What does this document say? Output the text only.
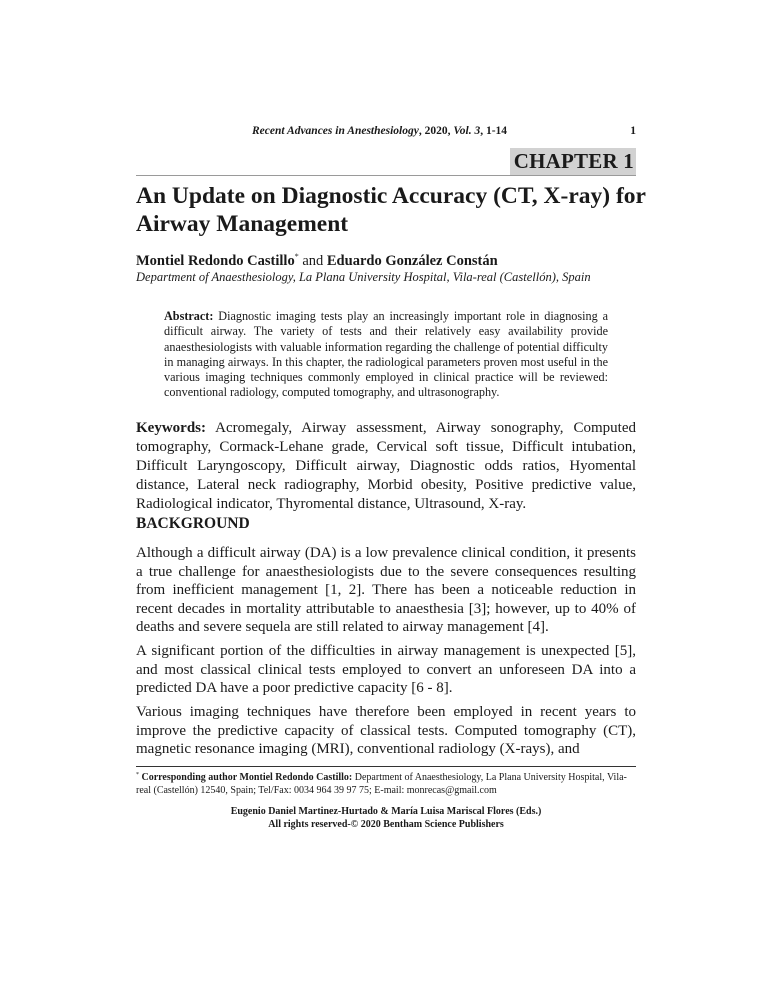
Recent Advances in Anesthesiology, 2020, Vol. 3, 1-14	1
CHAPTER 1
An Update on Diagnostic Accuracy (CT, X-ray) for Airway Management
Montiel Redondo Castillo* and Eduardo González Constán
Department of Anaesthesiology, La Plana University Hospital, Vila-real (Castellón), Spain
Abstract: Diagnostic imaging tests play an increasingly important role in diagnosing a difficult airway. The variety of tests and their relatively easy availability provide anaesthesiologists with valuable information regarding the challenge of potential difficulty in managing airways. In this chapter, the radiological parameters proven most useful in the various imaging techniques commonly employed in clinical practice will be reviewed: conventional radiology, computed tomography, and ultrasonography.

Keywords: Acromegaly, Airway assessment, Airway sonography, Computed tomography, Cormack-Lehane grade, Cervical soft tissue, Difficult intubation, Difficult Laryngoscopy, Difficult airway, Diagnostic odds ratios, Hyomental distance, Lateral neck radiography, Morbid obesity, Positive predictive value, Radiological indicator, Thyromental distance, Ultrasound, X-ray.

BACKGROUND

Although a difficult airway (DA) is a low prevalence clinical condition, it presents a true challenge for anaesthesiologists due to the severe consequences resulting from inefficient management [1, 2]. There has been a noticeable reduction in recent decades in mortality attributable to anaesthesia [3]; however, up to 40% of deaths and severe sequela are still related to airway management [4].

A significant portion of the difficulties in airway management is unexpected [5], and most classical clinical tests employed to convert an unforeseen DA into a predicted DA have a poor predictive capacity [6 - 8].

Various imaging techniques have therefore been employed in recent years to improve the predictive capacity of classical tests. Computed tomography (CT), magnetic resonance imaging (MRI), conventional radiology (X-rays), and

* Corresponding author Montiel Redondo Castillo: Department of Anaesthesiology, La Plana University Hospital, Vila-real (Castellón) 12540, Spain; Tel/Fax: 0034 964 39 97 75; E-mail: monrecas@gmail.com
Eugenio Daniel Martinez-Hurtado & María Luisa Mariscal Flores (Eds.)
All rights reserved-© 2020 Bentham Science Publishers
